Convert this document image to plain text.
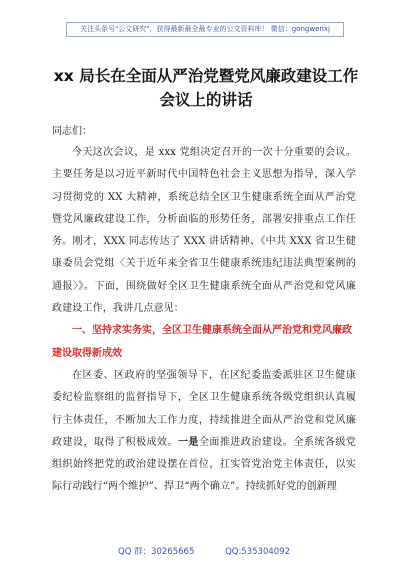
关注头条号"公文研究"，获得最新最全最专业的公文资料库！ 微信：gongwenxj
xx 局长在全面从严治党暨党风廉政建设工作会议上的讲话
同志们：

今天这次会议，是 xxx 党组决定召开的一次十分重要的会议。主要任务是以习近平新时代中国特色社会主义思想为指导，深入学习贯彻党的 XX 大精神，系统总结全区卫生健康系统全面从严治党暨党风廉政建设工作，分析面临的形势任务，部署安排重点工作任务。刚才，XXX 同志传达了 XXX 讲话精神、《中共 XXX 省卫生健康委员会党组〈关于近年来全省卫生健康系统违纪违法典型案例的通报〉》。下面，围绕做好全区卫生健康系统全面从严治党和党风廉政建设工作，我讲几点意见：

一、坚持求实务实，全区卫生健康系统全面从严治党和党风廉政建设取得新成效

在区委、区政府的坚强领导下，在区纪委监委派驻区卫生健康委纪检监察组的监督指导下，全区卫生健康系统各级党组织认真履行主体责任，不断加大工作力度，持续推进全面从严治党和党风廉政建设，取得了积极成效。一是全面推进政治建设。全系统各级党组织始终把党的政治建设摆在首位，扛实管党治党主体责任，以实际行动践行“两个维护”、捍卫“两个确立”。持续抓好党的创新理

QQ 群：30265665	QQ:535304092
